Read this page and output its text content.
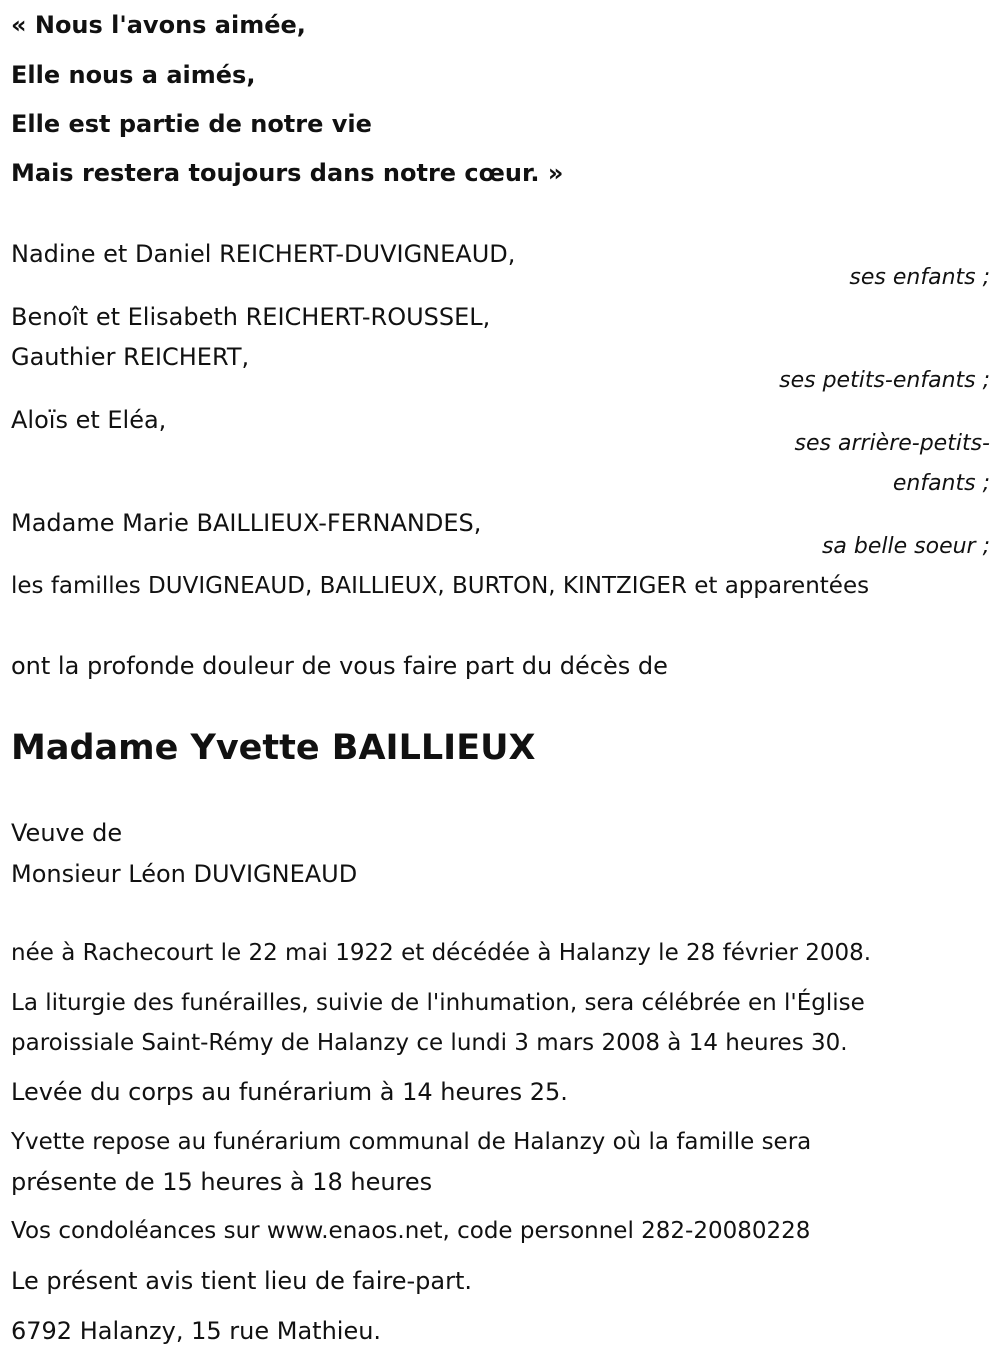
« Nous l'avons aimée,
Elle nous a aimés,
Elle est partie de notre vie
Mais restera toujours dans notre cœur. »
Nadine et Daniel REICHERT-DUVIGNEAUD,
ses enfants ;
Benoît et Elisabeth REICHERT-ROUSSEL,
Gauthier REICHERT,
ses petits-enfants ;
Aloïs et Eléa,
ses arrière-petits-
enfants ;
Madame Marie BAILLIEUX-FERNANDES,
sa belle soeur ;
les familles DUVIGNEAUD, BAILLIEUX, BURTON, KINTZIGER et apparentées
ont la profonde douleur de vous faire part du décès de
Madame Yvette BAILLIEUX
Veuve de
Monsieur Léon DUVIGNEAUD
née à Rachecourt le 22 mai 1922 et décédée à Halanzy le 28 février 2008.
La liturgie des funérailles, suivie de l'inhumation, sera célébrée en l'Église
paroissiale Saint-Rémy de Halanzy ce lundi 3 mars 2008 à 14 heures 30.
Levée du corps au funérarium à 14 heures 25.
Yvette repose au funérarium communal de Halanzy où la famille sera
présente de 15 heures à 18 heures
Vos condoléances sur www.enaos.net, code personnel 282-20080228
Le présent avis tient lieu de faire-part.
6792 Halanzy, 15 rue Mathieu.
